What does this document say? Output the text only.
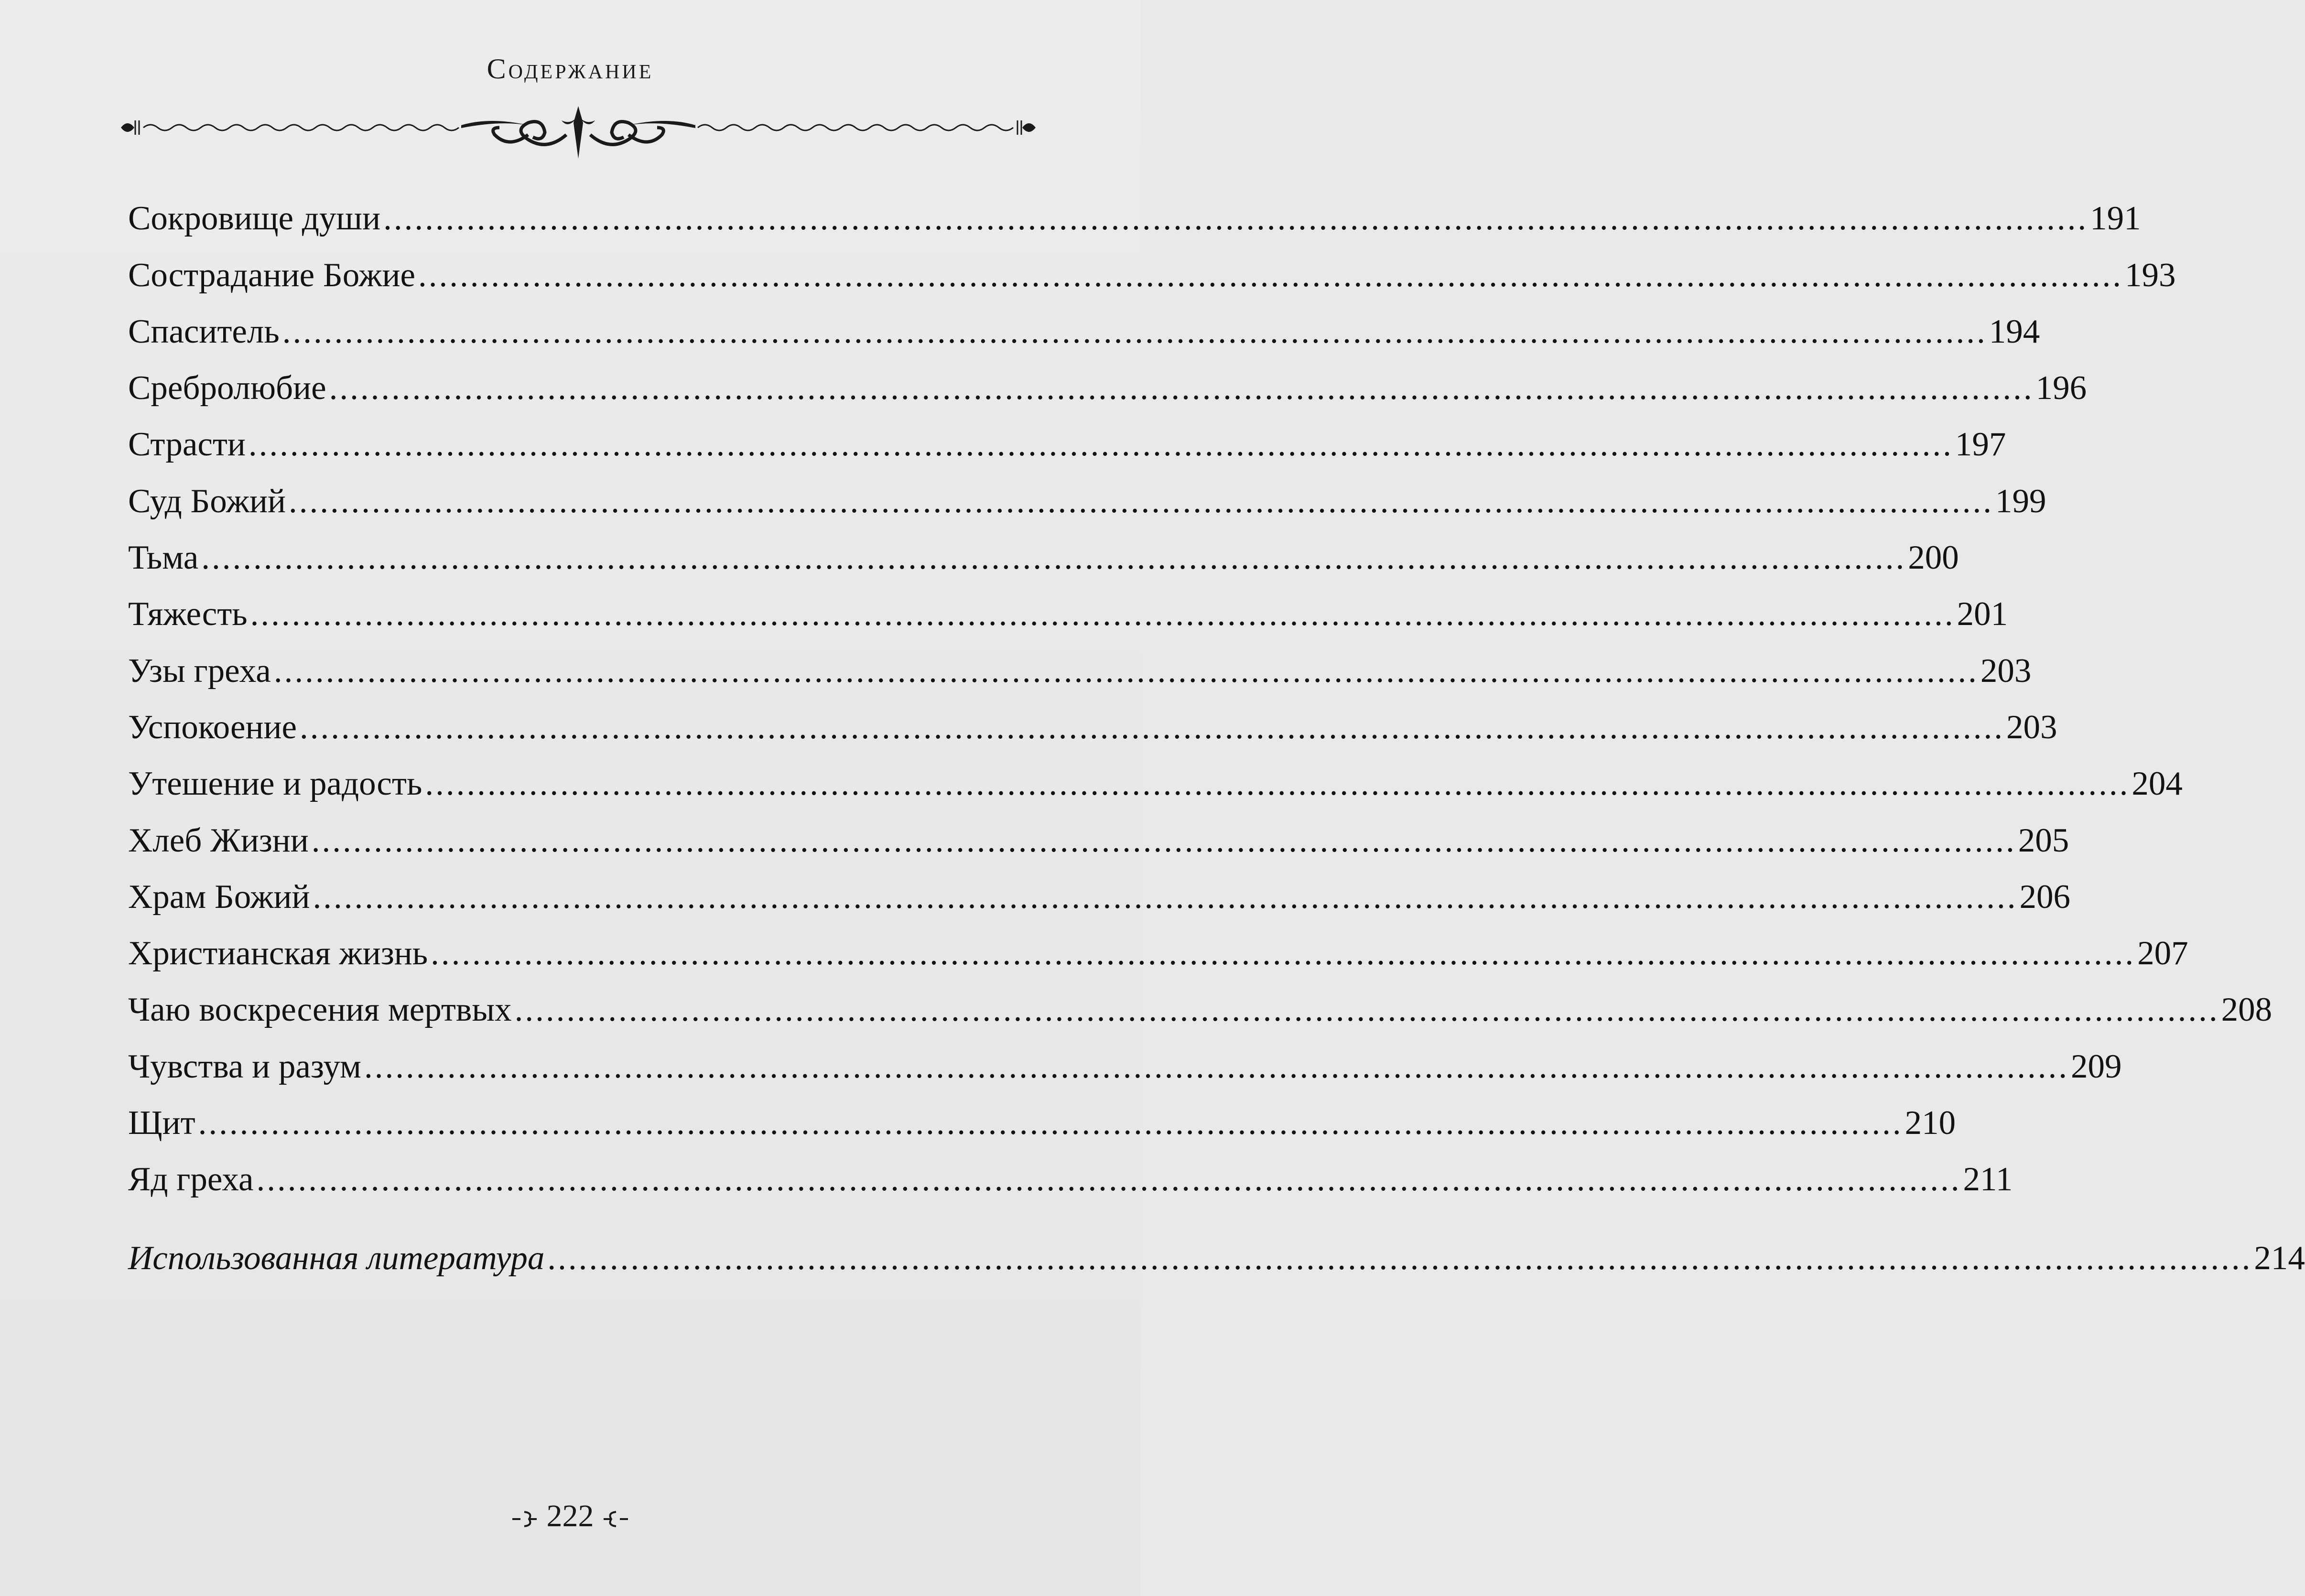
Содержание
Сокровище души .................................................................................................................................................................... 191
Сострадание Божие .................................................................................................................................................................... 193
Спаситель .................................................................................................................................................................... 194
Сребролюбие .................................................................................................................................................................... 196
Страсти .................................................................................................................................................................... 197
Суд Божий .................................................................................................................................................................... 199
Тьма .................................................................................................................................................................... 200
Тяжесть .................................................................................................................................................................... 201
Узы греха .................................................................................................................................................................... 203
Успокоение .................................................................................................................................................................... 203
Утешение и радость .................................................................................................................................................................... 204
Хлеб Жизни .................................................................................................................................................................... 205
Храм Божий .................................................................................................................................................................... 206
Христианская жизнь .................................................................................................................................................................... 207
Чаю воскресения мертвых .................................................................................................................................................................... 208
Чувства и разум .................................................................................................................................................................... 209
Щит .................................................................................................................................................................... 210
Яд греха .................................................................................................................................................................... 211
Использованная литература .................................................................................................................................................................... 214
222
